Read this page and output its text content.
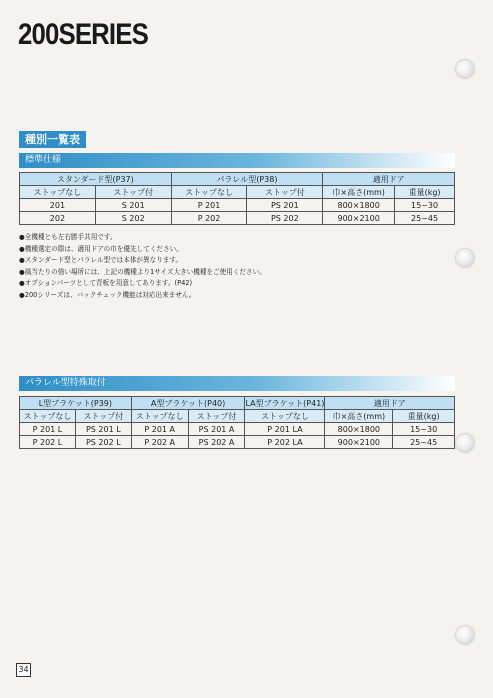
200SERIES
種別一覧表
標準仕様
スタンダード型(P37)		パラレル型(P38)		適用ドア	
ストップなし	ストップ付	ストップなし	ストップ付	巾×高さ(mm)	重量(kg)
201	S 201	P 201	PS 201	800×1800	15~30
202	S 202	P 202	PS 202	900×2100	25~45
●全機種とも左右勝手共用です。
●機種選定の際は、適用ドアの巾を優先してください。
●スタンダード型とパラレル型では本体が異なります。
●風当たりの強い場所には、上記の機種より1サイズ大きい機種をご使用ください。
●オプションパーツとして背板を用意してあります。(P42)
●200シリーズは、バックチェック機能は対応出来ません。
パラレル型特殊取付
L型ブラケット(P39)		A型ブラケット(P40)		LA型ブラケット(P41)	適用ドア	
ストップなし	ストップ付	ストップなし	ストップ付	ストップなし	巾×高さ(mm)	重量(kg)
P 201 L	PS 201 L	P 201 A	PS 201 A	P 201 LA	800×1800	15~30
P 202 L	PS 202 L	P 202 A	PS 202 A	P 202 LA	900×2100	25~45
34
